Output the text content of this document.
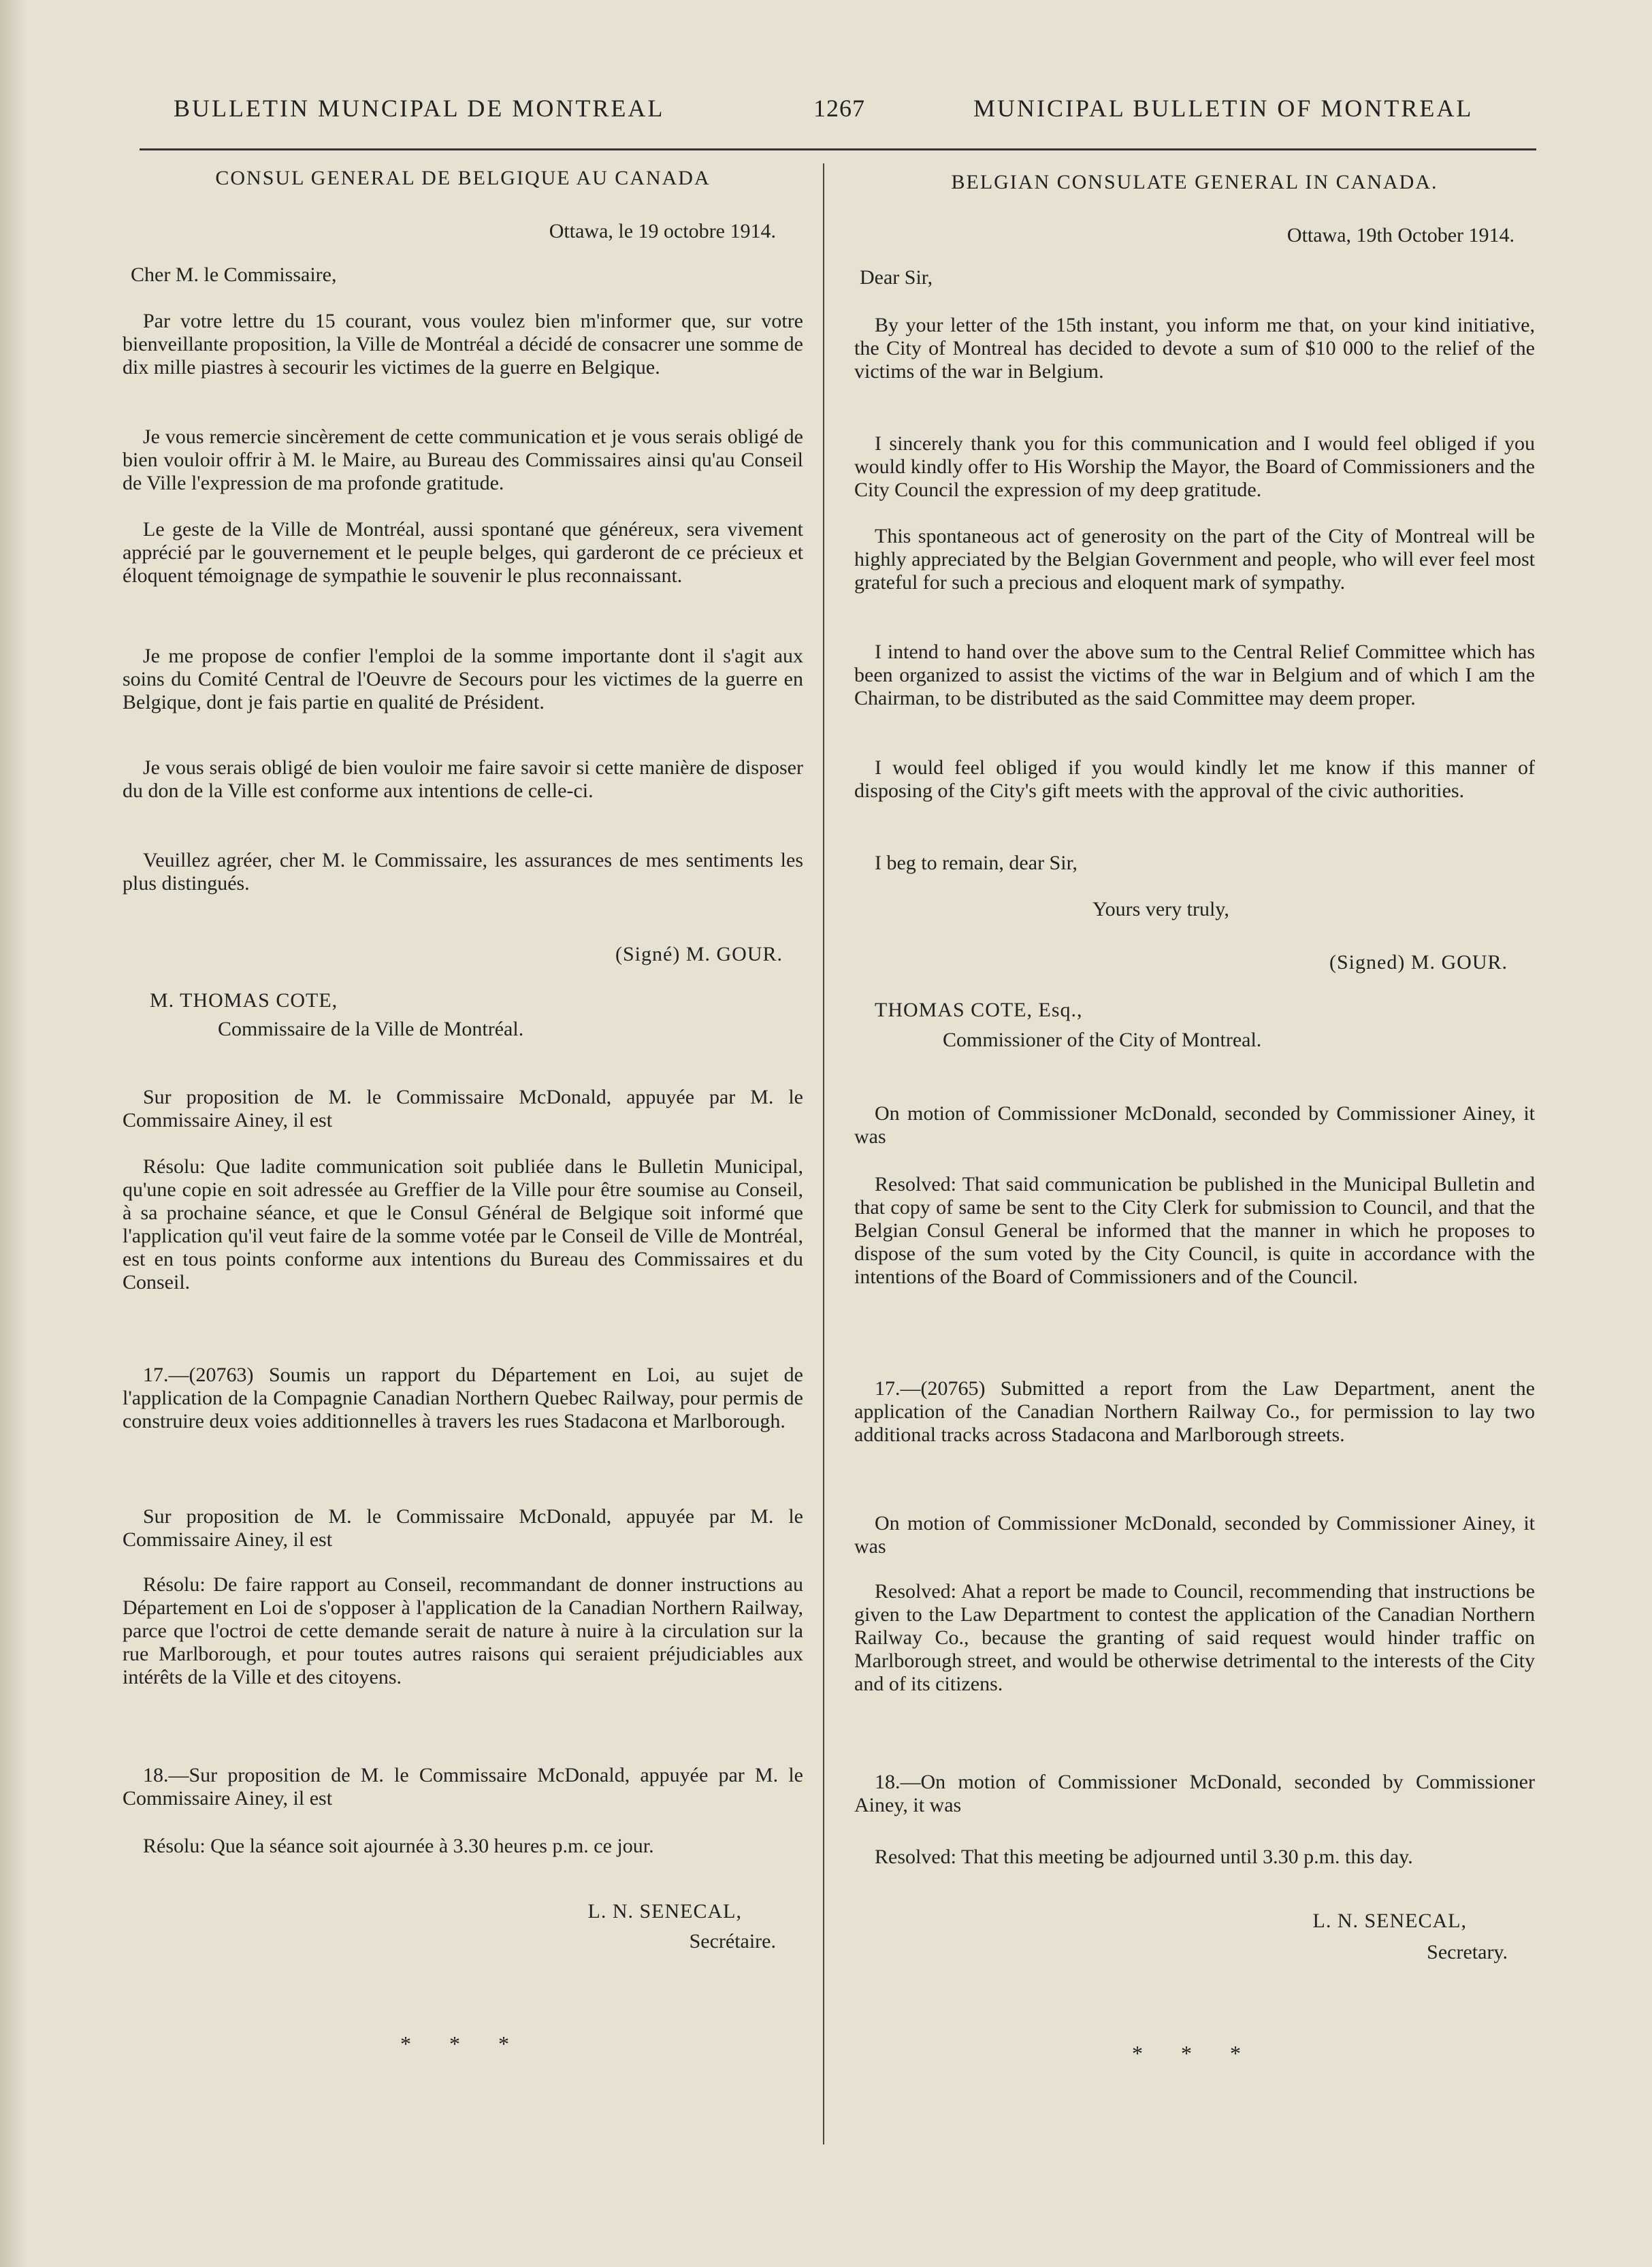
BULLETIN MUNCIPAL DE MONTREAL	1267	MUNICIPAL BULLETIN OF MONTREAL

CONSUL GENERAL DE BELGIQUE AU CANADA

Ottawa, le 19 octobre 1914.

Cher M. le Commissaire,

Par votre lettre du 15 courant, vous voulez bien m'informer que, sur votre bienveillante proposition, la Ville de Montréal a décidé de consacrer une somme de dix mille piastres à secourir les victimes de la guerre en Belgique.

Je vous remercie sincèrement de cette communication et je vous serais obligé de bien vouloir offrir à M. le Maire, au Bureau des Commissaires ainsi qu'au Conseil de Ville l'expression de ma profonde gratitude.

Le geste de la Ville de Montréal, aussi spontané que généreux, sera vivement apprécié par le gouvernement et le peuple belges, qui garderont de ce précieux et éloquent témoignage de sympathie le souvenir le plus reconnaissant.

Je me propose de confier l'emploi de la somme importante dont il s'agit aux soins du Comité Central de l'Oeuvre de Secours pour les victimes de la guerre en Belgique, dont je fais partie en qualité de Président.

Je vous serais obligé de bien vouloir me faire savoir si cette manière de disposer du don de la Ville est conforme aux intentions de celle-ci.

Veuillez agréer, cher M. le Commissaire, les assurances de mes sentiments les plus distingués.

(Signé) M. GOUR.

M. THOMAS COTE,

Commissaire de la Ville de Montréal.

Sur proposition de M. le Commissaire McDonald, appuyée par M. le Commissaire Ainey, il est

Résolu: Que ladite communication soit publiée dans le Bulletin Municipal, qu'une copie en soit adressée au Greffier de la Ville pour être soumise au Conseil, à sa prochaine séance, et que le Consul Général de Belgique soit informé que l'application qu'il veut faire de la somme votée par le Conseil de Ville de Montréal, est en tous points conforme aux intentions du Bureau des Commissaires et du Conseil.

17.—(20763) Soumis un rapport du Département en Loi, au sujet de l'application de la Compagnie Canadian Northern Quebec Railway, pour permis de construire deux voies additionnelles à travers les rues Stadacona et Marlborough.

Sur proposition de M. le Commissaire McDonald, appuyée par M. le Commissaire Ainey, il est

Résolu: De faire rapport au Conseil, recommandant de donner instructions au Département en Loi de s'opposer à l'application de la Canadian Northern Railway, parce que l'octroi de cette demande serait de nature à nuire à la circulation sur la rue Marlborough, et pour toutes autres raisons qui seraient préjudiciables aux intérêts de la Ville et des citoyens.

18.—Sur proposition de M. le Commissaire McDonald, appuyée par M. le Commissaire Ainey, il est

Résolu: Que la séance soit ajournée à 3.30 heures p.m. ce jour.

L. N. SENECAL,

Secrétaire.

* * *

BELGIAN CONSULATE GENERAL IN CANADA.

Ottawa, 19th October 1914.

Dear Sir,

By your letter of the 15th instant, you inform me that, on your kind initiative, the City of Montreal has decided to devote a sum of $10 000 to the relief of the victims of the war in Belgium.

I sincerely thank you for this communication and I would feel obliged if you would kindly offer to His Worship the Mayor, the Board of Commissioners and the City Council the expression of my deep gratitude.

This spontaneous act of generosity on the part of the City of Montreal will be highly appreciated by the Belgian Government and people, who will ever feel most grateful for such a precious and eloquent mark of sympathy.

I intend to hand over the above sum to the Central Relief Committee which has been organized to assist the victims of the war in Belgium and of which I am the Chairman, to be distributed as the said Committee may deem proper.

I would feel obliged if you would kindly let me know if this manner of disposing of the City's gift meets with the approval of the civic authorities.

I beg to remain, dear Sir,

Yours very truly,

(Signed) M. GOUR.

THOMAS COTE, Esq.,

Commissioner of the City of Montreal.

On motion of Commissioner McDonald, seconded by Commissioner Ainey, it was

Resolved: That said communication be published in the Municipal Bulletin and that copy of same be sent to the City Clerk for submission to Council, and that the Belgian Consul General be informed that the manner in which he proposes to dispose of the sum voted by the City Council, is quite in accordance with the intentions of the Board of Commissioners and of the Council.

17.—(20765) Submitted a report from the Law Department, anent the application of the Canadian Northern Railway Co., for permission to lay two additional tracks across Stadacona and Marlborough streets.

On motion of Commissioner McDonald, seconded by Commissioner Ainey, it was

Resolved: Ahat a report be made to Council, recommending that instructions be given to the Law Department to contest the application of the Canadian Northern Railway Co., because the granting of said request would hinder traffic on Marlborough street, and would be otherwise detrimental to the interests of the City and of its citizens.

18.—On motion of Commissioner McDonald, seconded by Commissioner Ainey, it was

Resolved: That this meeting be adjourned until 3.30 p.m. this day.

L. N. SENECAL,

Secretary.

* * *
